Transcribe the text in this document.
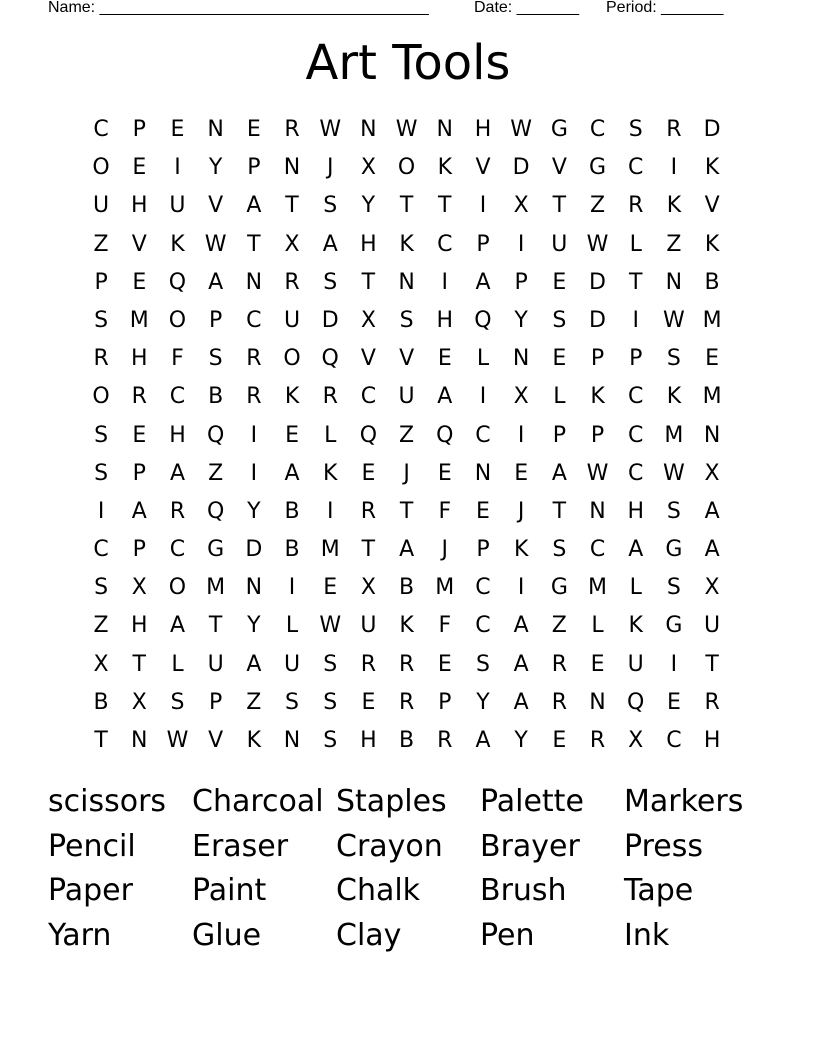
Name: _____________________________________	Date: _______ Period: _______
Art Tools
C	P	E	N	E	R W N W N H W G C	S	R	D
O	E	I	Y	P	N	J	X O	K	V	D	V	G C	I	K
U H U	V	A	T	S	Y	T	T	I	X	T	Z	R	K	V
Z	V	K W T	X	A	H	K	C	P	I	U W L	Z	K
P	E	Q	A	N	R	S	T	N	I	A	P	E	D	T	N	B
S M O	P	C	U D	X	S	H Q	Y	S	D	I	W M
R	H	F	S	R O Q	V	V	E	L	N	E	P	P	S	E
O R	C	B	R	K	R	C	U	A	I	X	L	K	C	K M
S	E	H Q	I	E	L	Q Z Q C	I	P	P	C M N
S	P	A	Z	I	A	K	E	J	E	N	E	A W C W X
I	A	R Q	Y	B	I	R	T	F	E	J	T	N H	S	A
C	P	C G D	B M T	A	J	P	K	S	C	A	G	A
S	X O M N	I	E	X	B M C	I	G M	L	S	X
Z	H	A	T	Y	L W U	K	F	C	A	Z	L	K	G U
X	T	L	U	A	U	S	R	R	E	S	A	R	E	U	I	T
B	X	S	P	Z	S	S	E	R	P	Y	A	R	N Q	E	R
T	N W V	K	N	S	H	B	R	A	Y	E	R	X	C	H
scissors Charcoal Staples	Palette	Markers
Pencil	Eraser	Crayon	Brayer	Press
Paper	Paint	Chalk	Brush	Tape
Yarn	Glue	Clay	Pen	Ink
